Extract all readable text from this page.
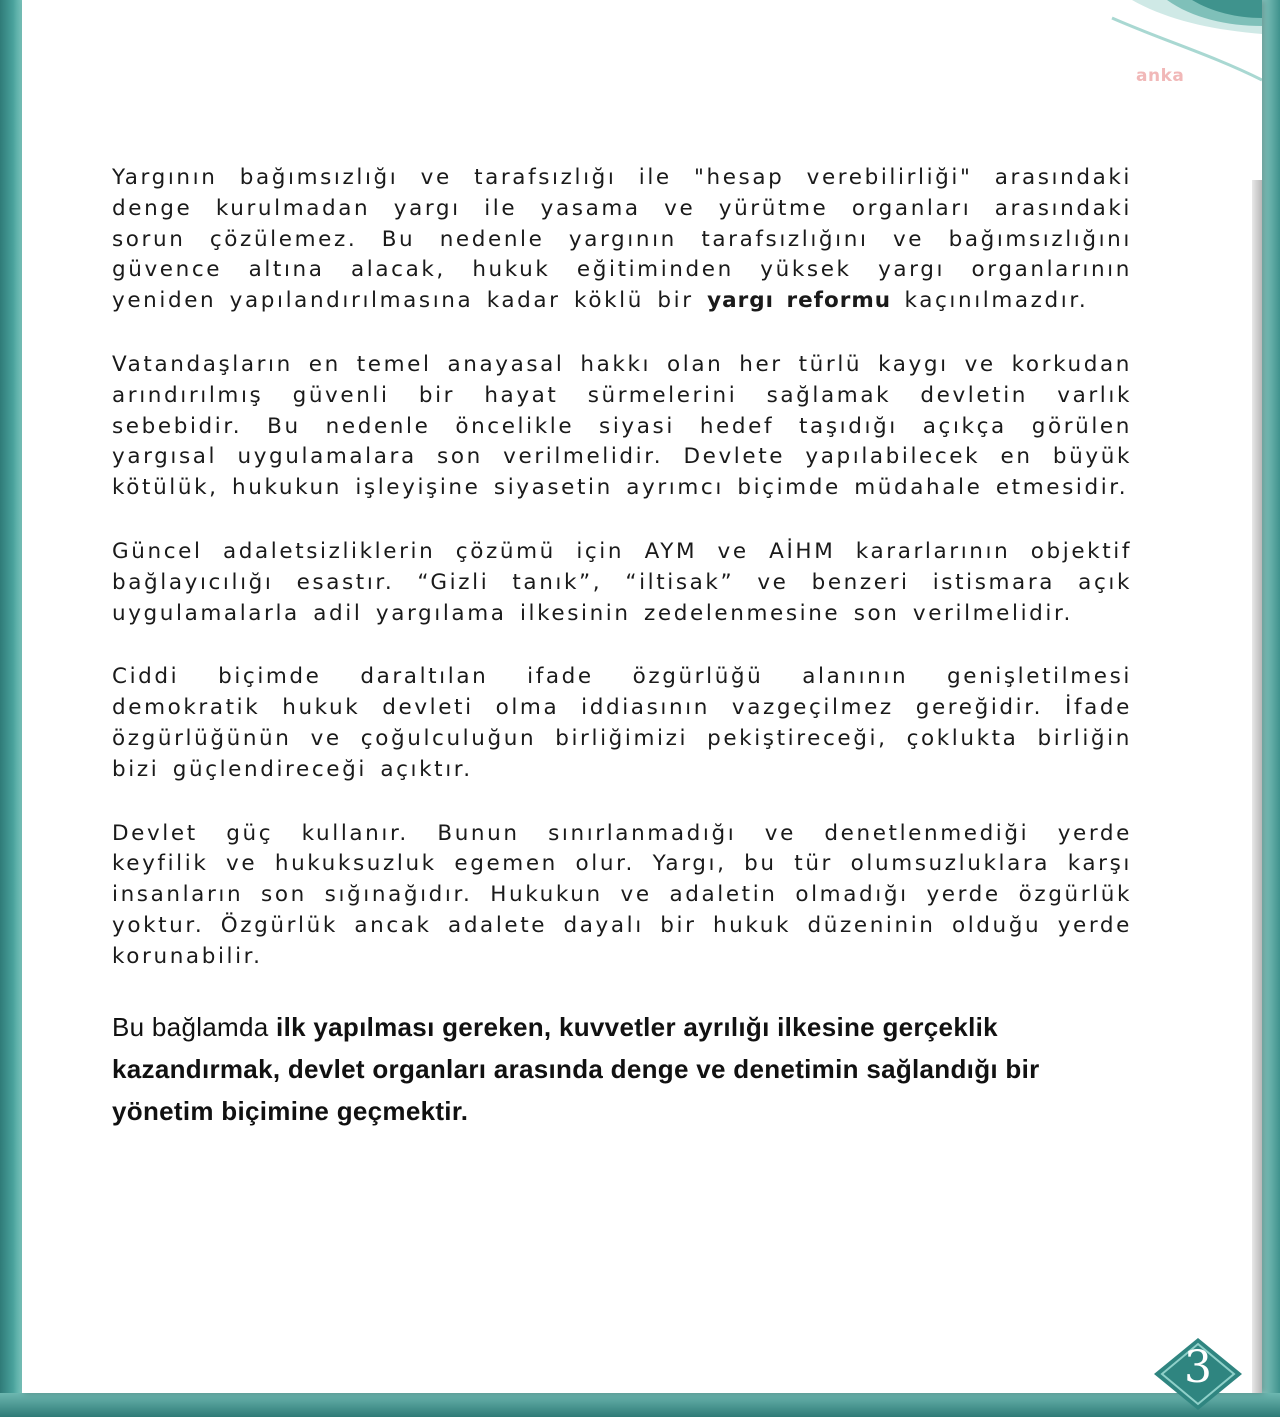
anka

Yargının bağımsızlığı ve tarafsızlığı ile "hesap verebilirliği" arasındaki denge kurulmadan yargı ile yasama ve yürütme organları arasındaki sorun çözülemez. Bu nedenle yargının tarafsızlığını ve bağımsızlığını güvence altına alacak, hukuk eğitiminden yüksek yargı organlarının yeniden yapılandırılmasına kadar köklü bir yargı reformu kaçınılmazdır.

Vatandaşların en temel anayasal hakkı olan her türlü kaygı ve korkudan arındırılmış güvenli bir hayat sürmelerini sağlamak devletin varlık sebebidir. Bu nedenle öncelikle siyasi hedef taşıdığı açıkça görülen yargısal uygulamalara son verilmelidir. Devlete yapılabilecek en büyük kötülük, hukukun işleyişine siyasetin ayrımcı biçimde müdahale etmesidir.

Güncel adaletsizliklerin çözümü için AYM ve AİHM kararlarının objektif bağlayıcılığı esastır. “Gizli tanık”, “iltisak” ve benzeri istismara açık uygulamalarla adil yargılama ilkesinin zedelenmesine son verilmelidir.

Ciddi biçimde daraltılan ifade özgürlüğü alanının genişletilmesi demokratik hukuk devleti olma iddiasının vazgeçilmez gereğidir. İfade özgürlüğünün ve çoğulculuğun birliğimizi pekiştireceği, çoklukta birliğin bizi güçlendireceği açıktır.

Devlet güç kullanır. Bunun sınırlanmadığı ve denetlenmediği yerde keyfilik ve hukuksuzluk egemen olur. Yargı, bu tür olumsuzluklara karşı insanların son sığınağıdır. Hukukun ve adaletin olmadığı yerde özgürlük yoktur. Özgürlük ancak adalete dayalı bir hukuk düzeninin olduğu yerde korunabilir.

Bu bağlamda ilk yapılması gereken, kuvvetler ayrılığı ilkesine gerçeklik kazandırmak, devlet organları arasında denge ve denetimin sağlandığı bir yönetim biçimine geçmektir.

3
